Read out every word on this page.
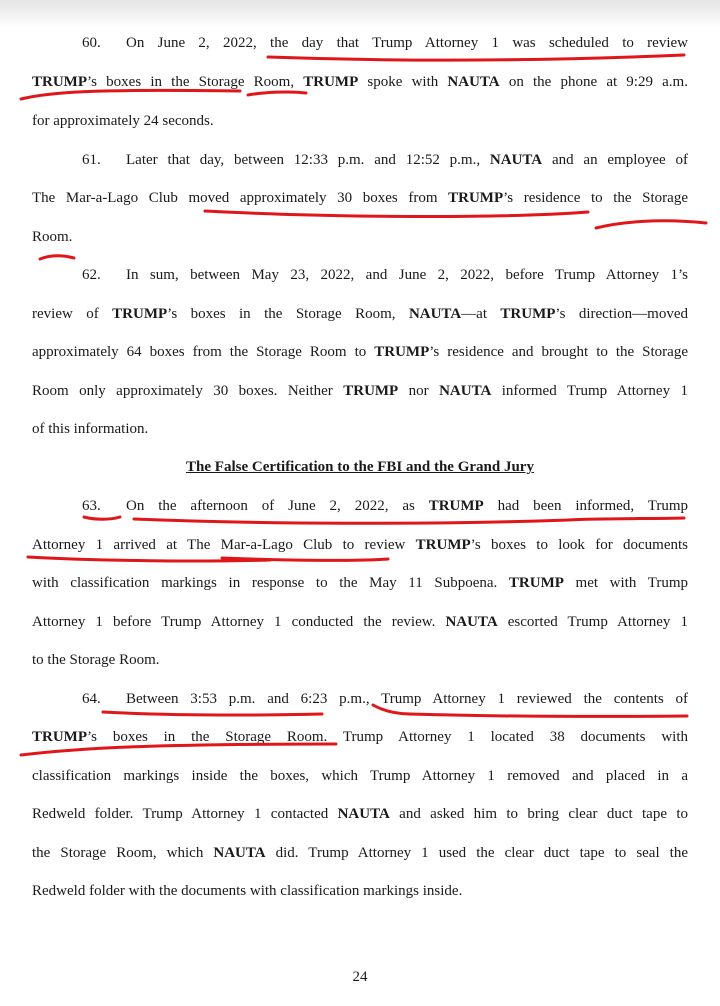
60. On June 2, 2022, the day that Trump Attorney 1 was scheduled to review
TRUMP’s boxes in the Storage Room, TRUMP spoke with NAUTA on the phone at 9:29 a.m.
for approximately 24 seconds.
61. Later that day, between 12:33 p.m. and 12:52 p.m., NAUTA and an employee of
The Mar-a-Lago Club moved approximately 30 boxes from TRUMP’s residence to the Storage
Room.
62. In sum, between May 23, 2022, and June 2, 2022, before Trump Attorney 1’s
review of TRUMP’s boxes in the Storage Room, NAUTA—at TRUMP’s direction—moved
approximately 64 boxes from the Storage Room to TRUMP’s residence and brought to the Storage
Room only approximately 30 boxes. Neither TRUMP nor NAUTA informed Trump Attorney 1
of this information.
The False Certification to the FBI and the Grand Jury
63. On the afternoon of June 2, 2022, as TRUMP had been informed, Trump
Attorney 1 arrived at The Mar-a-Lago Club to review TRUMP’s boxes to look for documents
with classification markings in response to the May 11 Subpoena. TRUMP met with Trump
Attorney 1 before Trump Attorney 1 conducted the review. NAUTA escorted Trump Attorney 1
to the Storage Room.
64. Between 3:53 p.m. and 6:23 p.m., Trump Attorney 1 reviewed the contents of
TRUMP’s boxes in the Storage Room. Trump Attorney 1 located 38 documents with
classification markings inside the boxes, which Trump Attorney 1 removed and placed in a
Redweld folder. Trump Attorney 1 contacted NAUTA and asked him to bring clear duct tape to
the Storage Room, which NAUTA did. Trump Attorney 1 used the clear duct tape to seal the
Redweld folder with the documents with classification markings inside.
24
